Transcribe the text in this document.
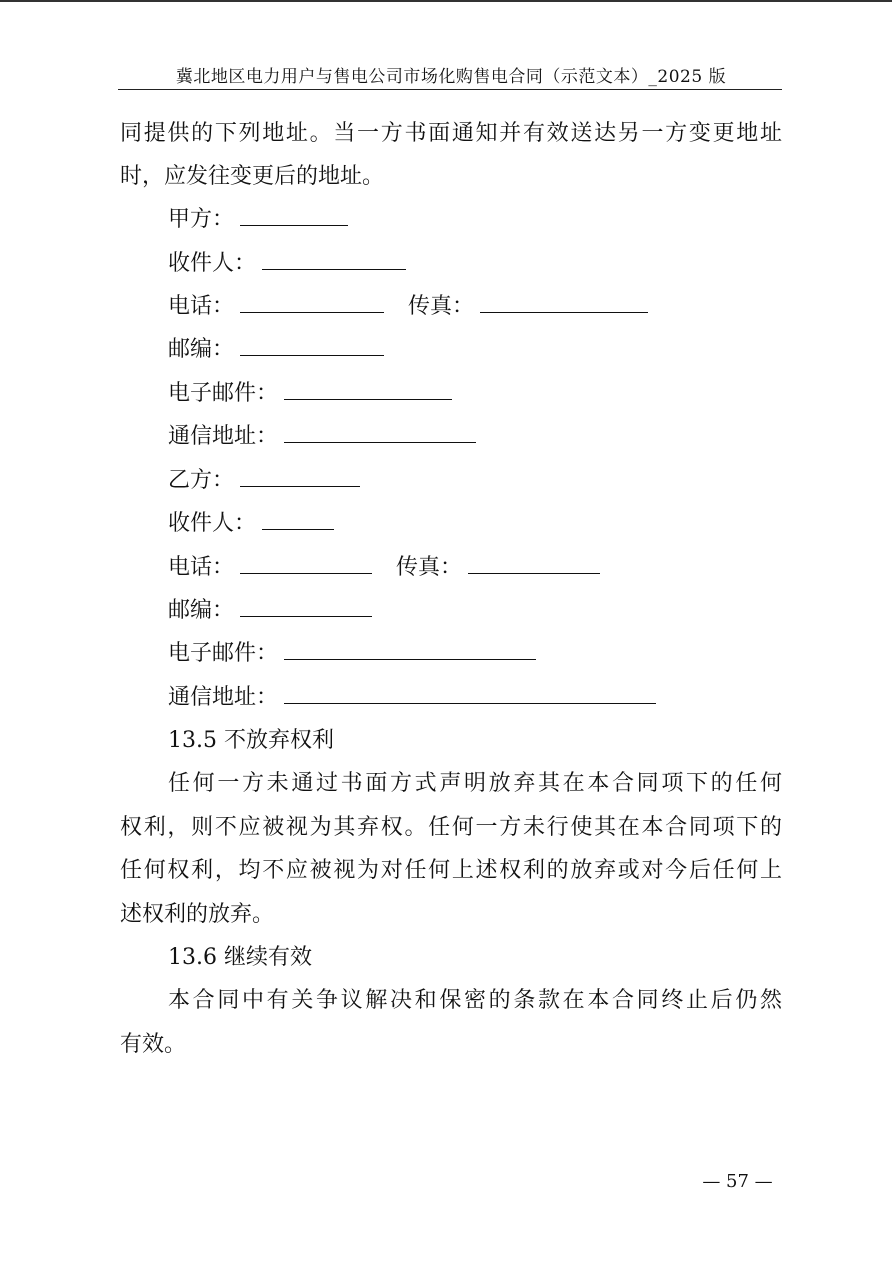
冀北地区电力用户与售电公司市场化购售电合同（示范文本）_2025 版
同提供的下列地址。当一方书面通知并有效送达另一方变更地址
时，应发往变更后的地址。
甲方：
收件人：
电话：	传真：
邮编：
电子邮件：
通信地址：
乙方：
收件人：
电话：	传真：
邮编：
电子邮件：
通信地址：
13.5 不放弃权利
任何一方未通过书面方式声明放弃其在本合同项下的任何
权利，则不应被视为其弃权。任何一方未行使其在本合同项下的
任何权利，均不应被视为对任何上述权利的放弃或对今后任何上
述权利的放弃。
13.6 继续有效
本合同中有关争议解决和保密的条款在本合同终止后仍然
有效。
— 57 —
